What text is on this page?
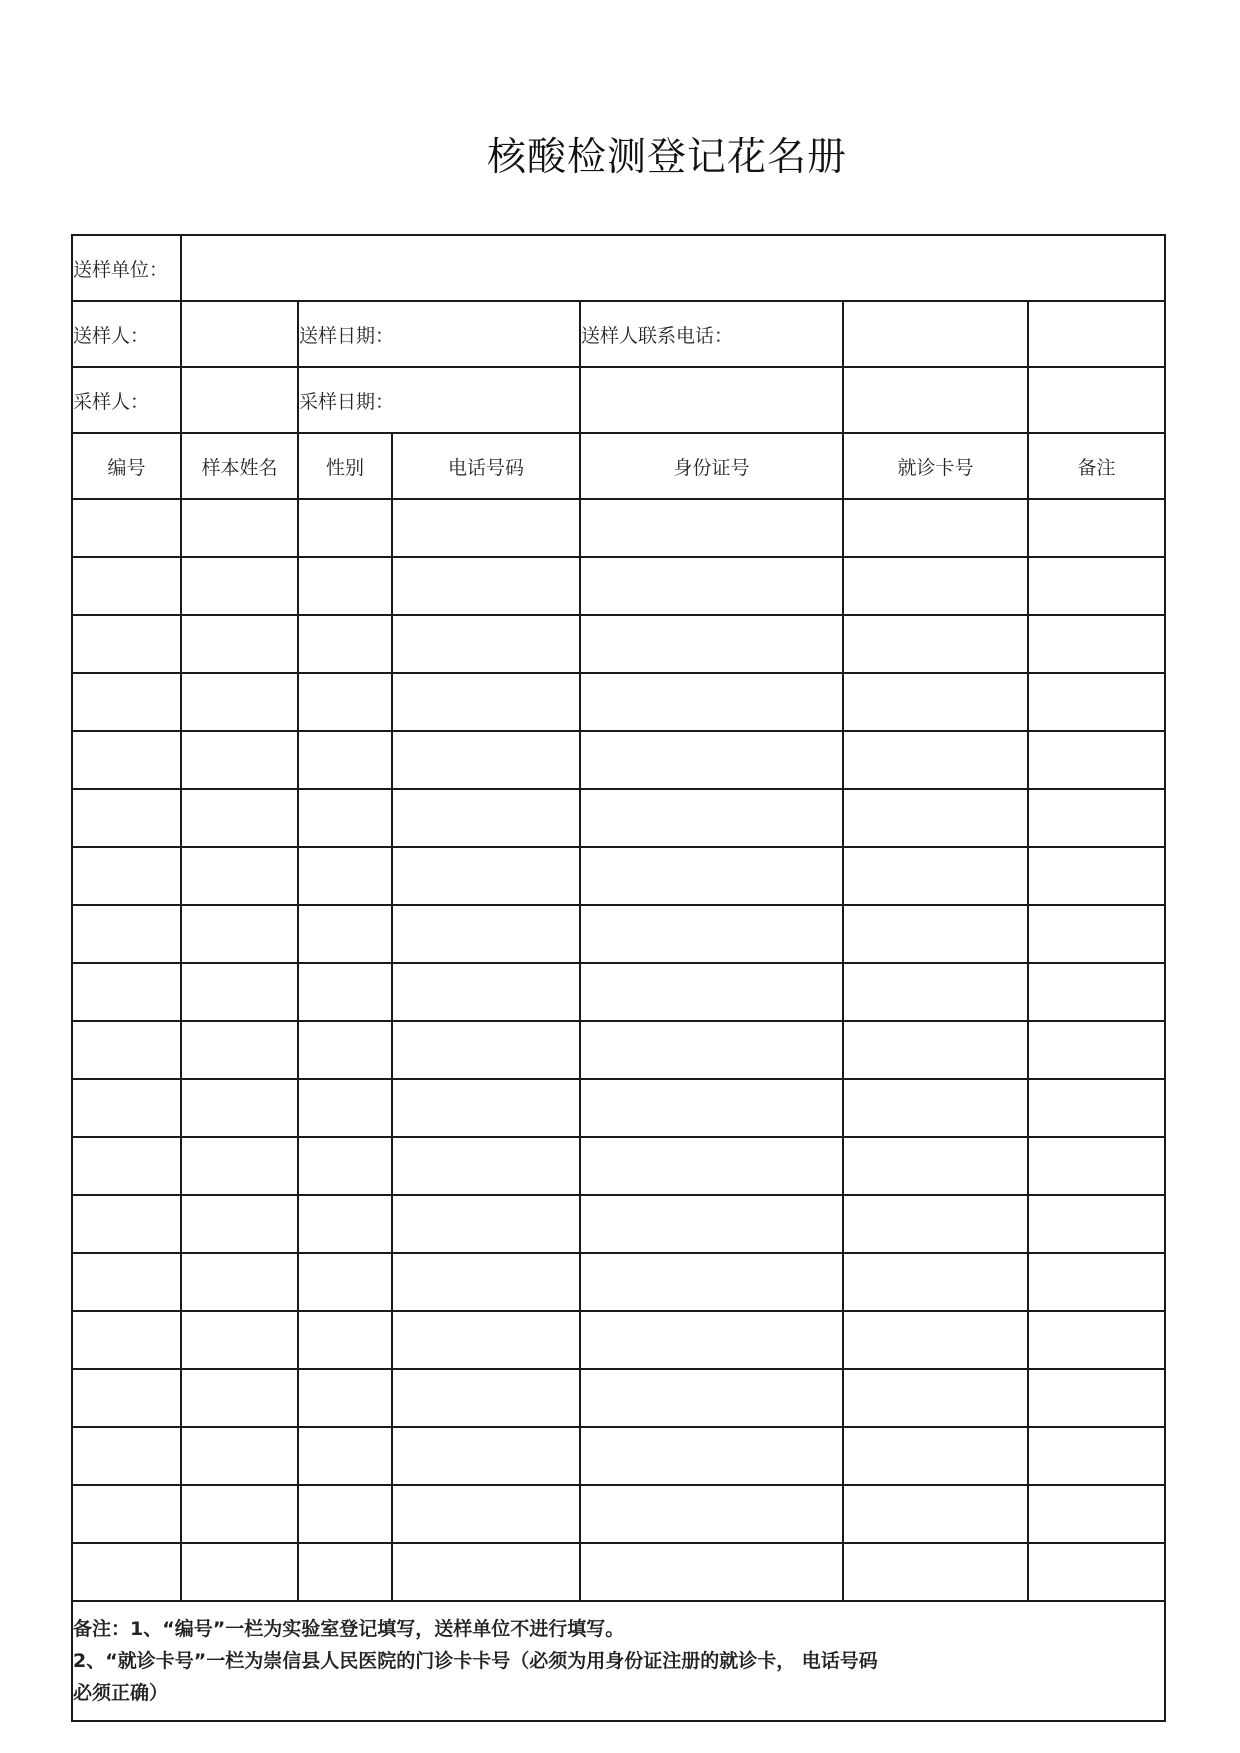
核酸检测登记花名册
送样单位：						
送样人：		送样日期：		送样人联系电话：		
采样人：		采样日期：				
编号	样本姓名	性别	电话号码	身份证号	就诊卡号	备注

备注：1、“编号”一栏为实验室登记填写，送样单位不进行填写。
2、“就诊卡号”一栏为崇信县人民医院的门诊卡卡号（必须为用身份证注册的就诊卡， 电话号码
必须正确）						
